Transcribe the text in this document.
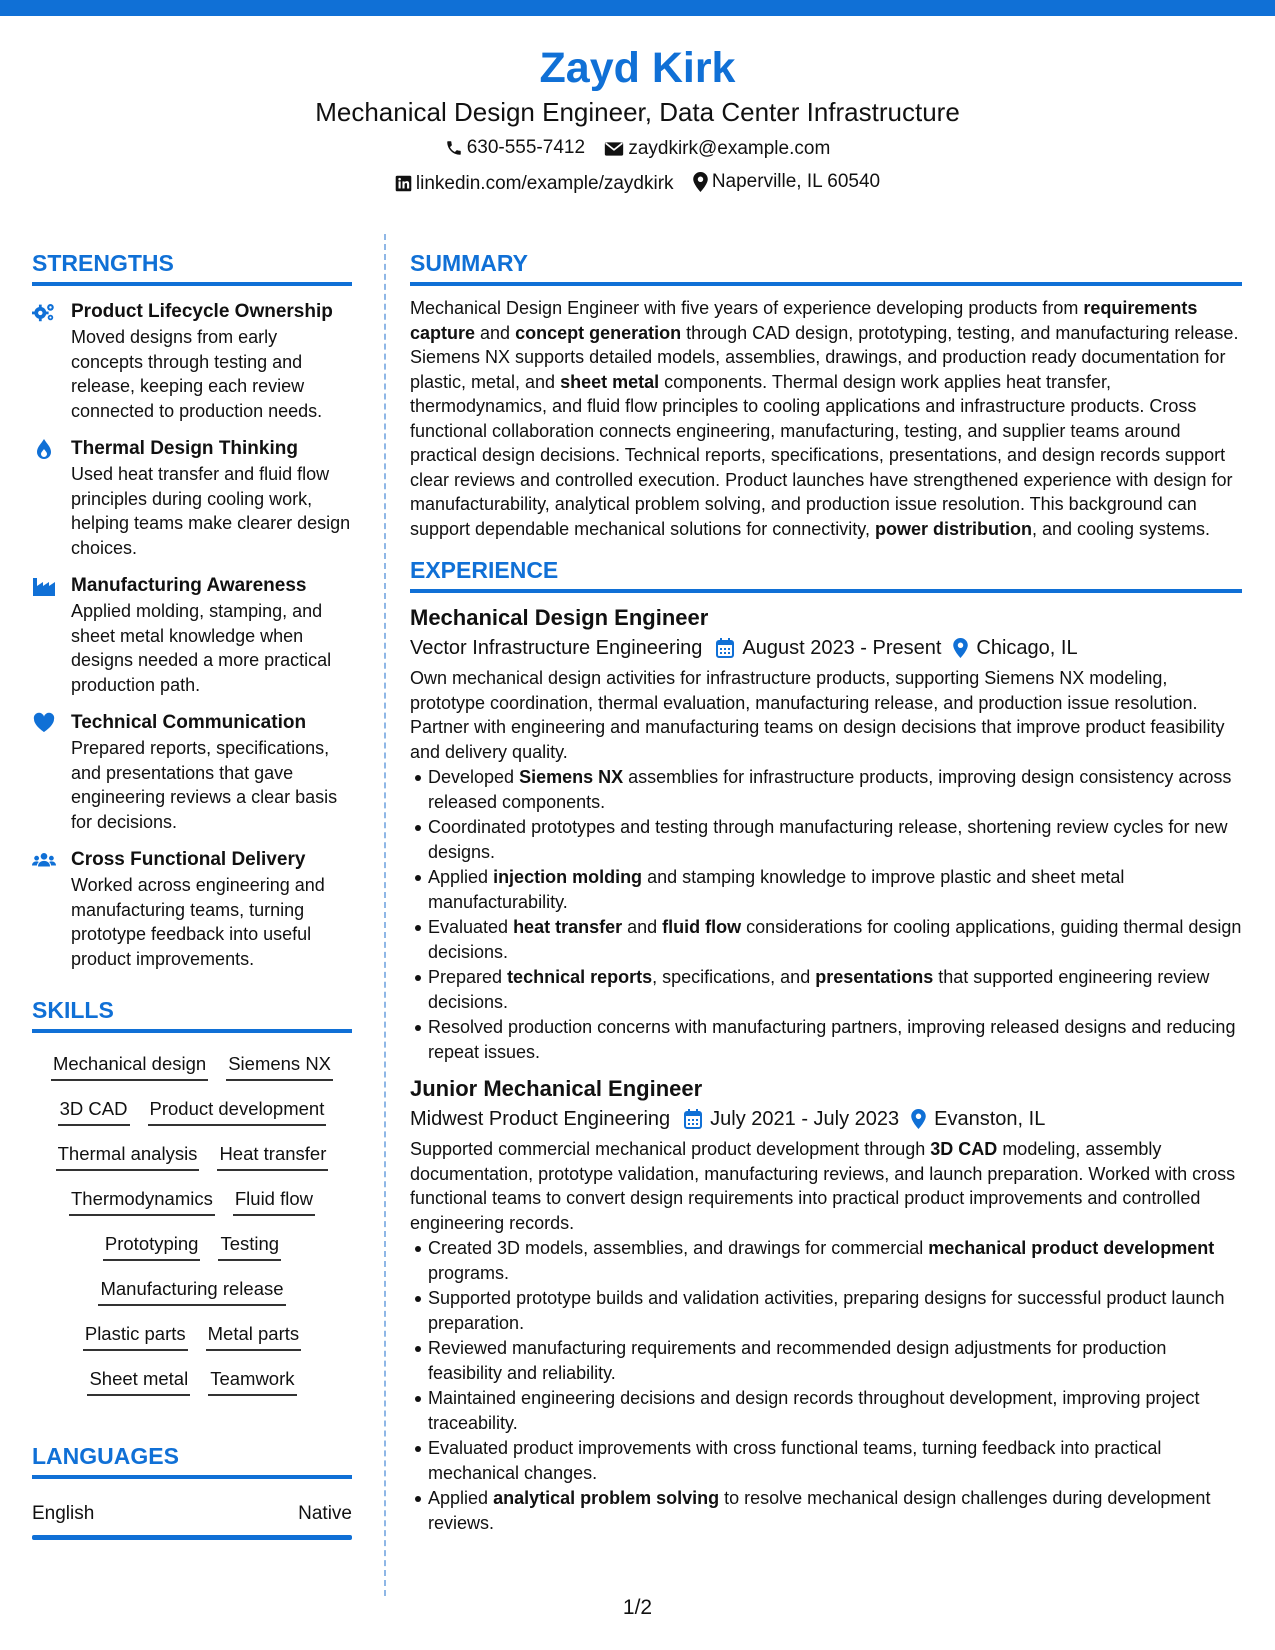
Zayd Kirk
Mechanical Design Engineer, Data Center Infrastructure
630-555-7412
zaydkirk@example.com
linkedin.com/example/zaydkirk
Naperville, IL 60540
STRENGTHS
Product Lifecycle Ownership
Moved designs from early concepts through testing and release, keeping each review connected to production needs.
Thermal Design Thinking
Used heat transfer and fluid flow principles during cooling work, helping teams make clearer design choices.
Manufacturing Awareness
Applied molding, stamping, and sheet metal knowledge when designs needed a more practical production path.
Technical Communication
Prepared reports, specifications, and presentations that gave engineering reviews a clear basis for decisions.
Cross Functional Delivery
Worked across engineering and manufacturing teams, turning prototype feedback into useful product improvements.
SKILLS
Mechanical design Siemens NX
3D CAD Product development
Thermal analysis Heat transfer
Thermodynamics Fluid flow
Prototyping Testing
Manufacturing release
Plastic parts Metal parts
Sheet metal Teamwork
LANGUAGES
English	Native
SUMMARY
Mechanical Design Engineer with five years of experience developing products from requirements capture and concept generation through CAD design, prototyping, testing, and manufacturing release. Siemens NX supports detailed models, assemblies, drawings, and production ready documentation for plastic, metal, and sheet metal components. Thermal design work applies heat transfer, thermodynamics, and fluid flow principles to cooling applications and infrastructure products. Cross functional collaboration connects engineering, manufacturing, testing, and supplier teams around practical design decisions. Technical reports, specifications, presentations, and design records support clear reviews and controlled execution. Product launches have strengthened experience with design for manufacturability, analytical problem solving, and production issue resolution. This background can support dependable mechanical solutions for connectivity, power distribution, and cooling systems.
EXPERIENCE
Mechanical Design Engineer
Vector Infrastructure Engineering August 2023 - Present Chicago, IL
Own mechanical design activities for infrastructure products, supporting Siemens NX modeling, prototype coordination, thermal evaluation, manufacturing release, and production issue resolution. Partner with engineering and manufacturing teams on design decisions that improve product feasibility and delivery quality.
Developed Siemens NX assemblies for infrastructure products, improving design consistency across released components.
Coordinated prototypes and testing through manufacturing release, shortening review cycles for new designs.
Applied injection molding and stamping knowledge to improve plastic and sheet metal manufacturability.
Evaluated heat transfer and fluid flow considerations for cooling applications, guiding thermal design decisions.
Prepared technical reports, specifications, and presentations that supported engineering review decisions.
Resolved production concerns with manufacturing partners, improving released designs and reducing repeat issues.
Junior Mechanical Engineer
Midwest Product Engineering July 2021 - July 2023 Evanston, IL
Supported commercial mechanical product development through 3D CAD modeling, assembly documentation, prototype validation, manufacturing reviews, and launch preparation. Worked with cross functional teams to convert design requirements into practical product improvements and controlled engineering records.
Created 3D models, assemblies, and drawings for commercial mechanical product development programs.
Supported prototype builds and validation activities, preparing designs for successful product launch preparation.
Reviewed manufacturing requirements and recommended design adjustments for production feasibility and reliability.
Maintained engineering decisions and design records throughout development, improving project traceability.
Evaluated product improvements with cross functional teams, turning feedback into practical mechanical changes.
Applied analytical problem solving to resolve mechanical design challenges during development reviews.
1/2
